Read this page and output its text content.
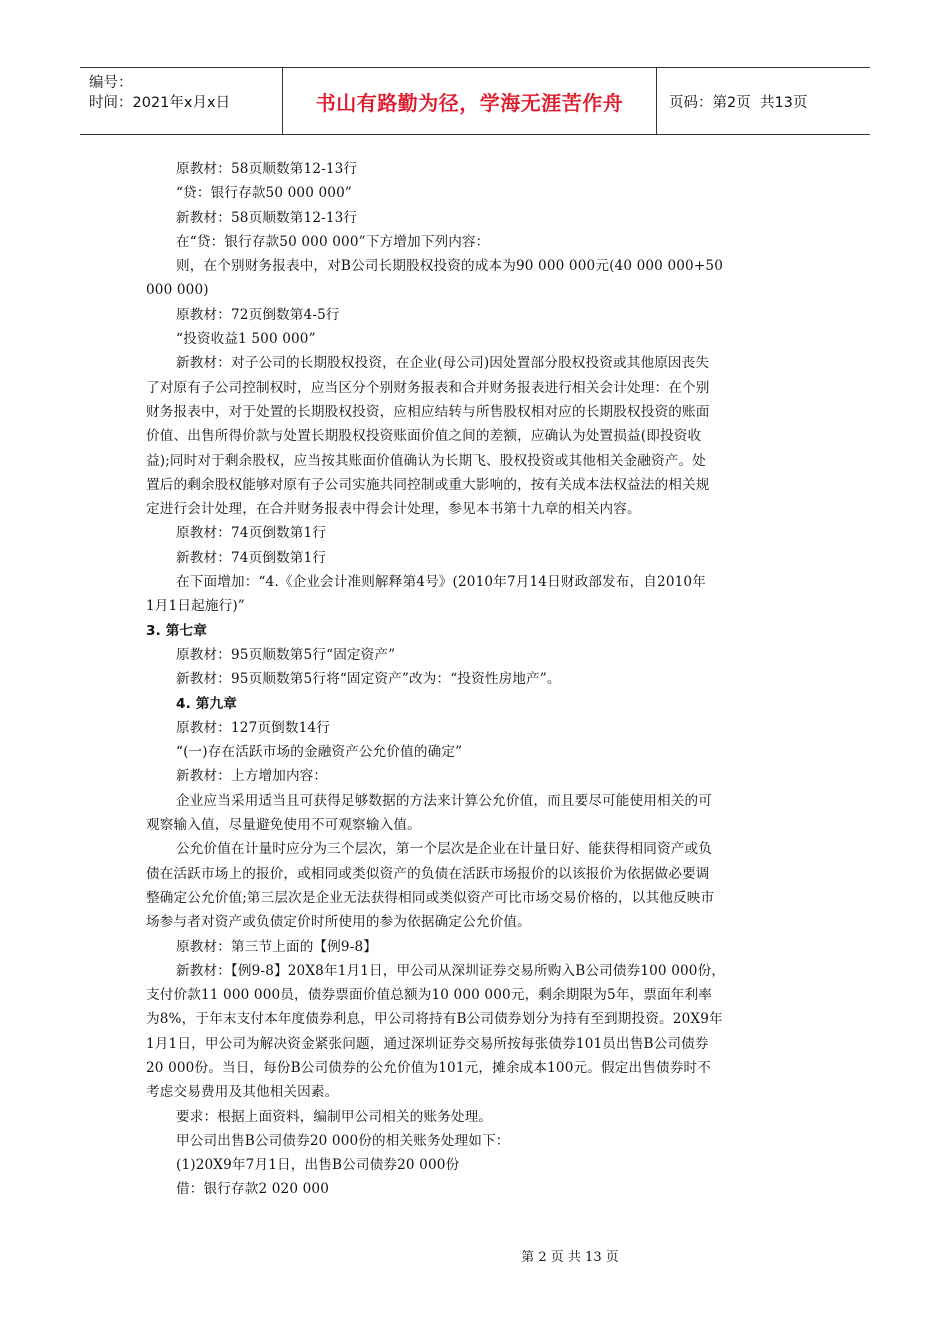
编号：
时间：2021年x月x日	书山有路勤为径，学海无涯苦作舟	页码：第2页  共13页
原教材：58页顺数第12-13行
“贷：银行存款50 000 000”
新教材：58页顺数第12-13行
在“贷：银行存款50 000 000”下方增加下列内容：
则，在个别财务报表中，对B公司长期股权投资的成本为90 000 000元(40 000 000+50
000 000)
原教材：72页倒数第4-5行
“投资收益1 500 000”
新教材：对子公司的长期股权投资，在企业(母公司)因处置部分股权投资或其他原因丧失
了对原有子公司控制权时，应当区分个别财务报表和合并财务报表进行相关会计处理：在个别
财务报表中，对于处置的长期股权投资，应相应结转与所售股权相对应的长期股权投资的账面
价值、出售所得价款与处置长期股权投资账面价值之间的差额，应确认为处置损益(即投资收
益);同时对于剩余股权，应当按其账面价值确认为长期飞、股权投资或其他相关金融资产。处
置后的剩余股权能够对原有子公司实施共同控制或重大影响的，按有关成本法权益法的相关规
定进行会计处理，在合并财务报表中得会计处理，参见本书第十九章的相关内容。
原教材：74页倒数第1行
新教材：74页倒数第1行
在下面增加：“4.《企业会计准则解释第4号》(2010年7月14日财政部发布，自2010年
1月1日起施行)”
3. 第七章
原教材：95页顺数第5行“固定资产”
新教材：95页顺数第5行将“固定资产”改为：“投资性房地产”。
4. 第九章
原教材：127页倒数14行
“(一)存在活跃市场的金融资产公允价值的确定”
新教材：上方增加内容：
企业应当采用适当且可获得足够数据的方法来计算公允价值，而且要尽可能使用相关的可
观察输入值，尽量避免使用不可观察输入值。
公允价值在计量时应分为三个层次，第一个层次是企业在计量日好、能获得相同资产或负
债在活跃市场上的报价，或相同或类似资产的负债在活跃市场报价的以该报价为依据做必要调
整确定公允价值;第三层次是企业无法获得相同或类似资产可比市场交易价格的，以其他反映市
场参与者对资产或负债定价时所使用的参为依据确定公允价值。
原教材：第三节上面的【例9-8】
新教材：【例9-8】20X8年1月1日，甲公司从深圳证券交易所购入B公司债券100 000份，
支付价款11 000 000员，债券票面价值总额为10 000 000元，剩余期限为5年，票面年利率
为8%，于年末支付本年度债券利息，甲公司将持有B公司债券划分为持有至到期投资。20X9年
1月1日，甲公司为解决资金紧张问题，通过深圳证券交易所按每张债券101员出售B公司债券
20 000份。当日，每份B公司债券的公允价值为101元，摊余成本100元。假定出售债券时不
考虑交易费用及其他相关因素。
要求：根据上面资料，编制甲公司相关的账务处理。
甲公司出售B公司债券20 000份的相关账务处理如下：
(1)20X9年7月1日，出售B公司债券20 000份
借：银行存款2 020 000
第 2 页 共 13 页
